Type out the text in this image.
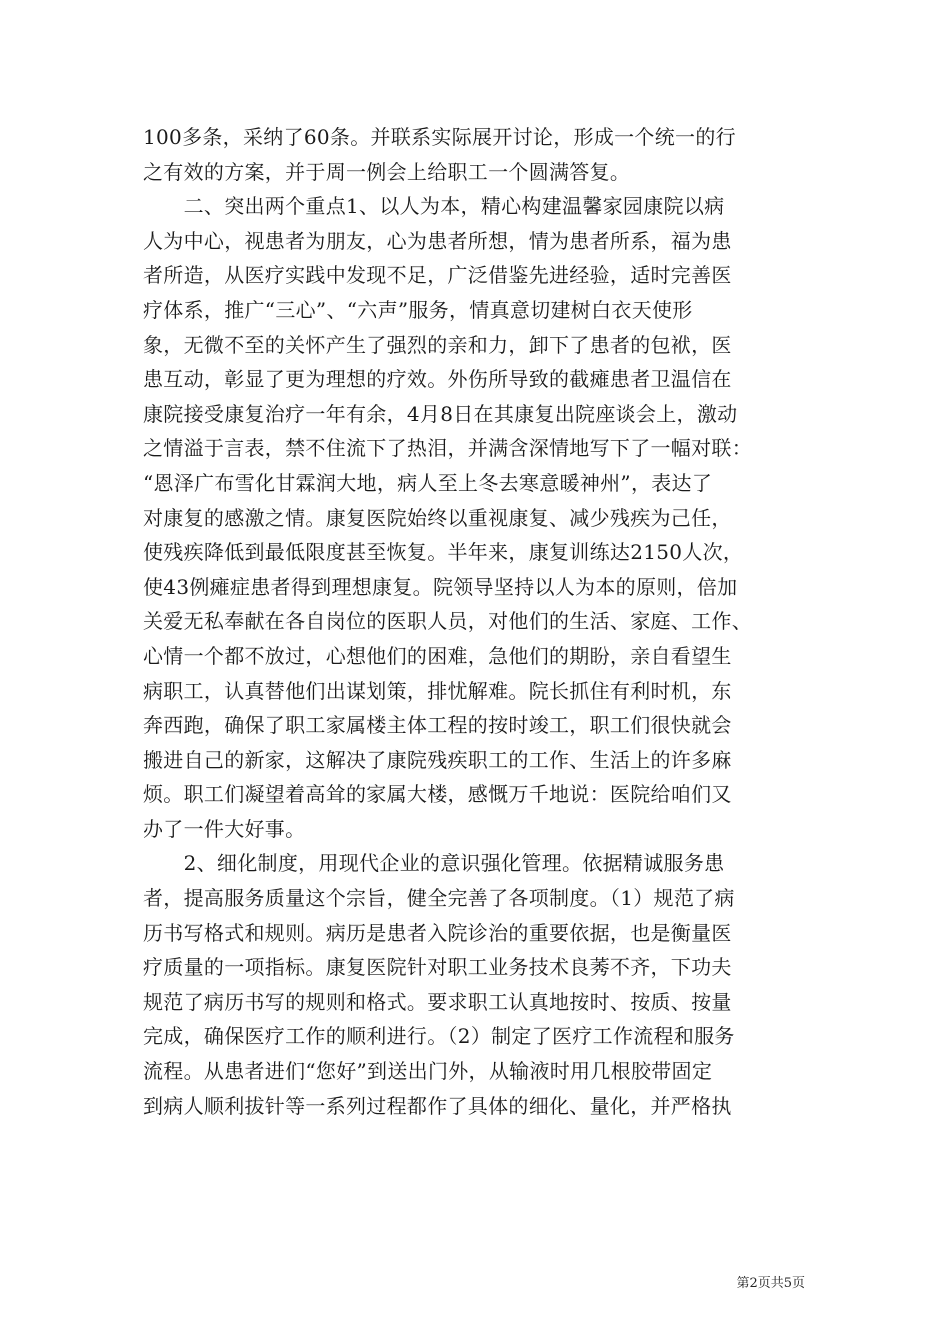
100多条，采纳了60条。并联系实际展开讨论，形成一个统一的行
之有效的方案，并于周一例会上给职工一个圆满答复。
　　二、突出两个重点1、以人为本，精心构建温馨家园康院以病
人为中心，视患者为朋友，心为患者所想，情为患者所系，福为患
者所造，从医疗实践中发现不足，广泛借鉴先进经验，适时完善医
疗体系，推广“三心”、“六声”服务，情真意切建树白衣天使形
象，无微不至的关怀产生了强烈的亲和力，卸下了患者的包袱，医
患互动，彰显了更为理想的疗效。外伤所导致的截瘫患者卫温信在
康院接受康复治疗一年有余，4月8日在其康复出院座谈会上，激动
之情溢于言表，禁不住流下了热泪，并满含深情地写下了一幅对联：
“恩泽广布雪化甘霖润大地，病人至上冬去寒意暖神州”，表达了
对康复的感激之情。康复医院始终以重视康复、减少残疾为己任，
使残疾降低到最低限度甚至恢复。半年来，康复训练达2150人次，
使43例瘫症患者得到理想康复。院领导坚持以人为本的原则，倍加
关爱无私奉献在各自岗位的医职人员，对他们的生活、家庭、工作、
心情一个都不放过，心想他们的困难，急他们的期盼，亲自看望生
病职工，认真替他们出谋划策，排忧解难。院长抓住有利时机，东
奔西跑，确保了职工家属楼主体工程的按时竣工，职工们很快就会
搬进自己的新家，这解决了康院残疾职工的工作、生活上的许多麻
烦。职工们凝望着高耸的家属大楼，感慨万千地说：医院给咱们又
办了一件大好事。
　　2、细化制度，用现代企业的意识强化管理。依据精诚服务患
者，提高服务质量这个宗旨，健全完善了各项制度。（1）规范了病
历书写格式和规则。病历是患者入院诊治的重要依据，也是衡量医
疗质量的一项指标。康复医院针对职工业务技术良莠不齐，下功夫
规范了病历书写的规则和格式。要求职工认真地按时、按质、按量
完成，确保医疗工作的顺利进行。（2）制定了医疗工作流程和服务
流程。从患者进们“您好”到送出门外，从输液时用几根胶带固定
到病人顺利拔针等一系列过程都作了具体的细化、量化，并严格执
第2页共5页
